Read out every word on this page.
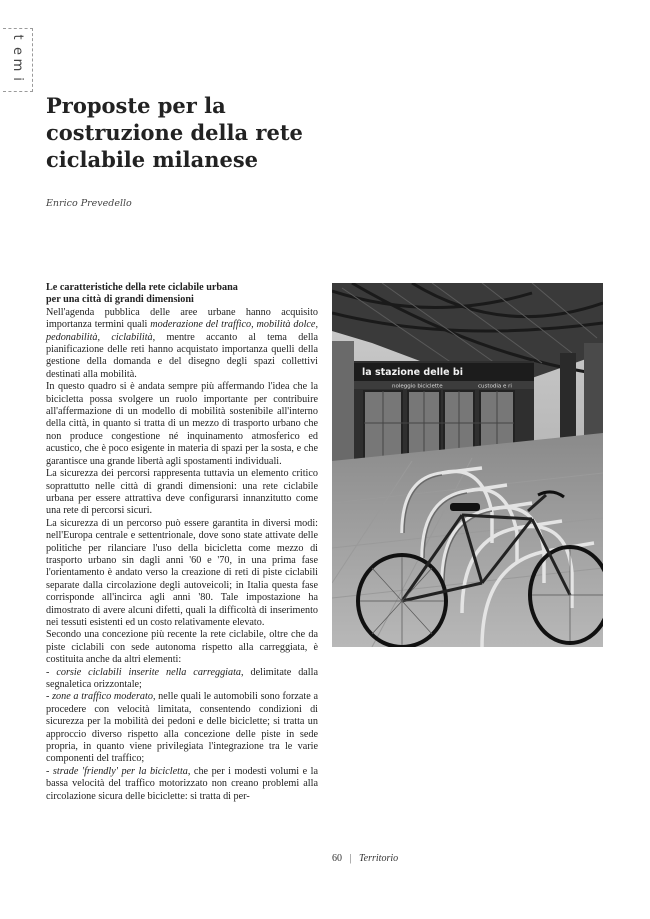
t
e
m
i
Proposte per la costruzione della rete ciclabile milanese
Enrico Prevedello

Le caratteristiche della rete ciclabile urbana
per una città di grandi dimensioni

Nell'agenda pubblica delle aree urbane hanno acquisito importanza termini quali moderazione del traffico, mobilità dolce, pedonabilità, ciclabilità, mentre accanto al tema della pianificazione delle reti hanno acquistato importanza quelli della gestione della domanda e del disegno degli spazi collettivi destinati alla mobilità.

In questo quadro si è andata sempre più affermando l'idea che la bicicletta possa svolgere un ruolo importante per contribuire all'affermazione di un modello di mobilità sostenibile all'interno della città, in quanto si tratta di un mezzo di trasporto urbano che non produce congestione né inquinamento atmosferico ed acustico, che è poco esigente in materia di spazi per la sosta, e che garantisce una grande libertà agli spostamenti individuali.

La sicurezza dei percorsi rappresenta tuttavia un elemento critico soprattutto nelle città di grandi dimensioni: una rete ciclabile urbana per essere attrattiva deve configurarsi innanzitutto come una rete di percorsi sicuri.

La sicurezza di un percorso può essere garantita in diversi modi: nell'Europa centrale e settentrionale, dove sono state attivate delle politiche per rilanciare l'uso della bicicletta come mezzo di trasporto urbano sin dagli anni '60 e '70, in una prima fase l'orientamento è andato verso la creazione di reti di piste ciclabili separate dalla circolazione degli autoveicoli; in Italia questa fase corrisponde all'incirca agli anni '80. Tale impostazione ha dimostrato di avere alcuni difetti, quali la difficoltà di inserimento nei tessuti esistenti ed un costo relativamente elevato.

Secondo una concezione più recente la rete ciclabile, oltre che da piste ciclabili con sede autonoma rispetto alla carreggiata, è costituita anche da altri elementi:

- corsie ciclabili inserite nella carreggiata, delimitate dalla segnaletica orizzontale;

- zone a traffico moderato, nelle quali le automobili sono forzate a procedere con velocità limitata, consentendo condizioni di sicurezza per la mobilità dei pedoni e delle biciclette; si tratta un approccio diverso rispetto alla concezione delle piste in sede propria, in quanto viene privilegiata l'integrazione tra le varie componenti del traffico;

- strade 'friendly' per la bicicletta, che per i modesti volumi e la bassa velocità del traffico motorizzato non creano problemi alla circolazione sicura delle biciclette: si tratta di per-

la stazione delle bi
noleggio biciclette	custodia e ri
60 | Territorio
